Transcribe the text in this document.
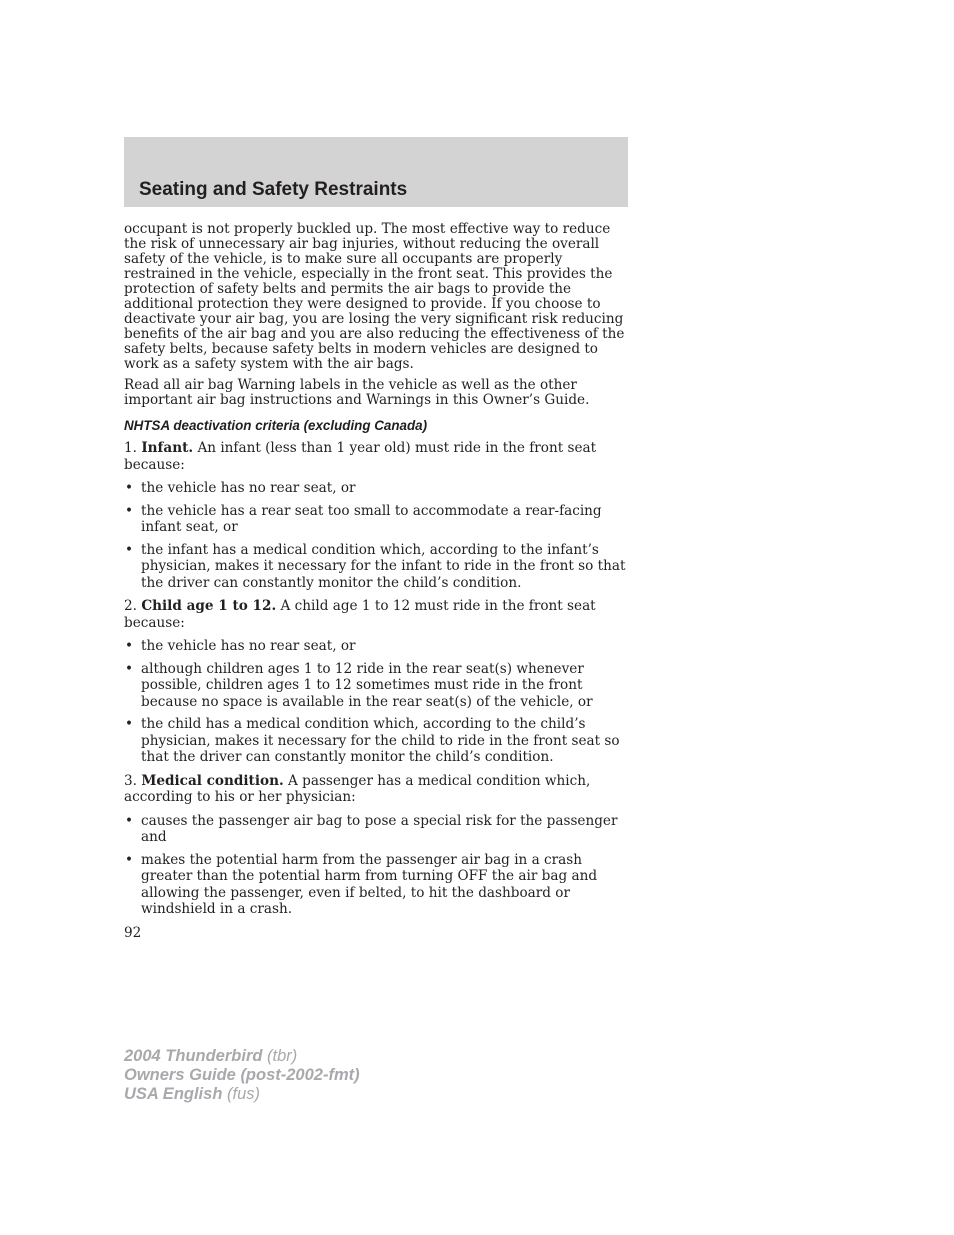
Seating and Safety Restraints

occupant is not properly buckled up. The most effective way to reduce the risk of unnecessary air bag injuries, without reducing the overall safety of the vehicle, is to make sure all occupants are properly restrained in the vehicle, especially in the front seat. This provides the protection of safety belts and permits the air bags to provide the additional protection they were designed to provide. If you choose to deactivate your air bag, you are losing the very significant risk reducing benefits of the air bag and you are also reducing the effectiveness of the safety belts, because safety belts in modern vehicles are designed to work as a safety system with the air bags.

Read all air bag Warning labels in the vehicle as well as the other important air bag instructions and Warnings in this Owner’s Guide.

NHTSA deactivation criteria (excluding Canada)

1. Infant. An infant (less than 1 year old) must ride in the front seat because:

• the vehicle has no rear seat, or
• the vehicle has a rear seat too small to accommodate a rear-facing infant seat, or
• the infant has a medical condition which, according to the infant’s physician, makes it necessary for the infant to ride in the front so that the driver can constantly monitor the child’s condition.

2. Child age 1 to 12. A child age 1 to 12 must ride in the front seat because:

• the vehicle has no rear seat, or
• although children ages 1 to 12 ride in the rear seat(s) whenever possible, children ages 1 to 12 sometimes must ride in the front because no space is available in the rear seat(s) of the vehicle, or
• the child has a medical condition which, according to the child’s physician, makes it necessary for the child to ride in the front seat so that the driver can constantly monitor the child’s condition.

3. Medical condition. A passenger has a medical condition which, according to his or her physician:

• causes the passenger air bag to pose a special risk for the passenger and
• makes the potential harm from the passenger air bag in a crash greater than the potential harm from turning OFF the air bag and allowing the passenger, even if belted, to hit the dashboard or windshield in a crash.
92
2004 Thunderbird (tbr)
Owners Guide (post-2002-fmt)
USA English (fus)
